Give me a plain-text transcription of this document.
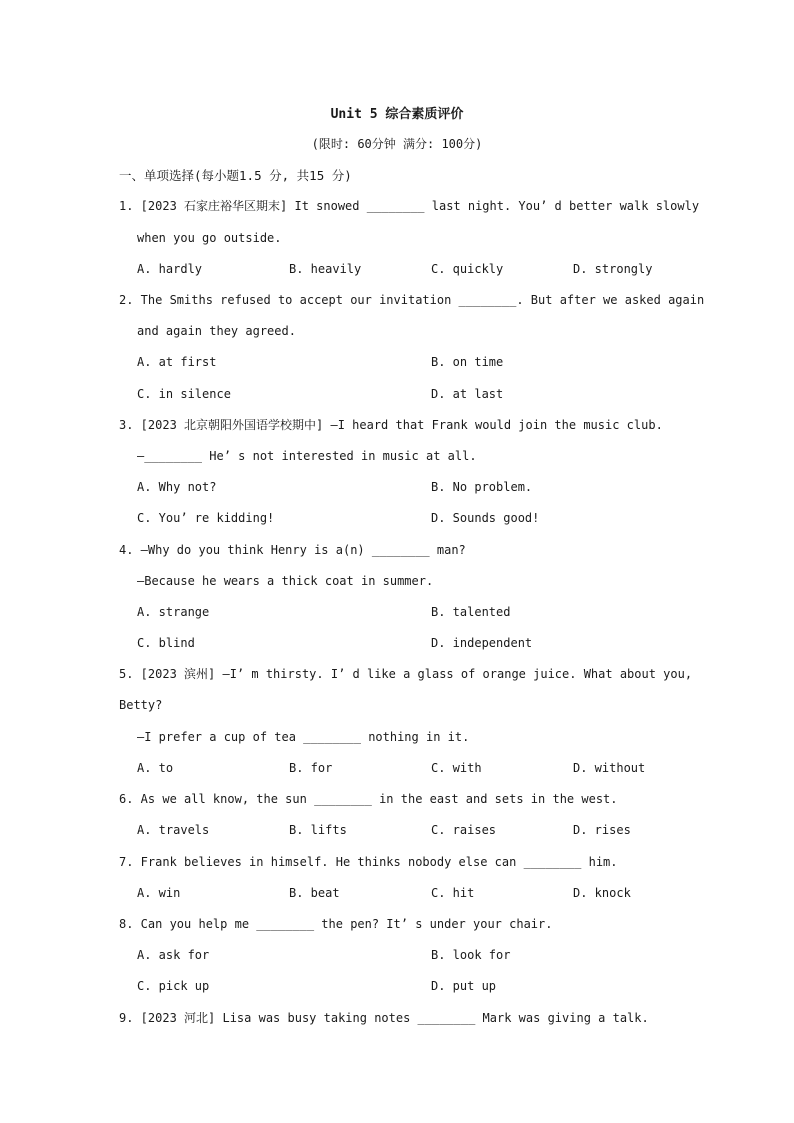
Unit 5 综合素质评价
(限时: 60分钟 满分: 100分)
一、单项选择(每小题1.5 分, 共15 分)
1. [2023 石家庄裕华区期末] It snowed ________ last night. You’ d better walk slowly
when you go outside.
A. hardly	B. heavily	C. quickly	D. strongly
2. The Smiths refused to accept our invitation ________. But after we asked again
and again they agreed.
A. at first	B. on time
C. in silence	D. at last
3. [2023 北京朝阳外国语学校期中] —I heard that Frank would join the music club.
—________ He’ s not interested in music at all.
A. Why not?	B. No problem.
C. You’ re kidding!	D. Sounds good!
4. —Why do you think Henry is a(n) ________ man?
—Because he wears a thick coat in summer.
A. strange	B. talented
C. blind	D. independent
5. [2023 滨州] —I’ m thirsty. I’ d like a glass of orange juice. What about you,
Betty?
—I prefer a cup of tea ________ nothing in it.
A. to	B. for	C. with	D. without
6. As we all know, the sun ________ in the east and sets in the west.
A. travels	B. lifts	C. raises	D. rises
7. Frank believes in himself. He thinks nobody else can ________ him.
A. win	B. beat	C. hit	D. knock
8. Can you help me ________ the pen? It’ s under your chair.
A. ask for	B. look for
C. pick up	D. put up
9. [2023 河北] Lisa was busy taking notes ________ Mark was giving a talk.
